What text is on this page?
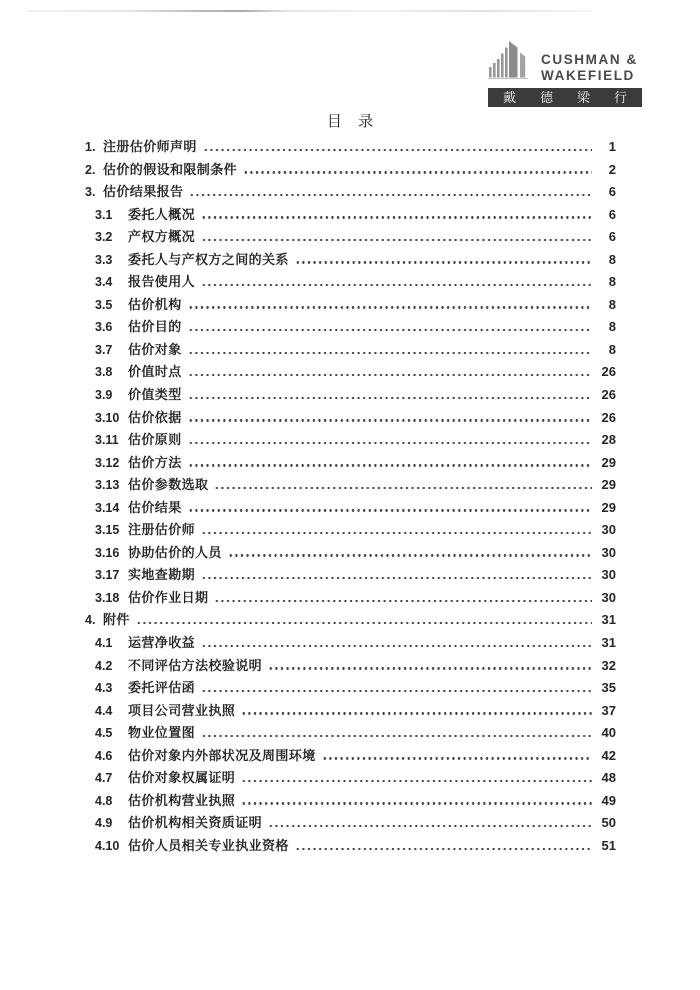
CUSHMAN &
WAKEFIELD
戴德梁行
目 录
1. 注册估价师声明	1
2. 估价的假设和限制条件	2
3. 估价结果报告	6
3.1	委托人概况	6
3.2	产权方概况	6
3.3	委托人与产权方之间的关系	8
3.4	报告使用人	8
3.5	估价机构	8
3.6	估价目的	8
3.7	估价对象	8
3.8	价值时点	26
3.9	价值类型	26
3.10 估价依据	26
3.11 估价原则	28
3.12 估价方法	29
3.13 估价参数选取	29
3.14 估价结果	29
3.15 注册估价师	30
3.16 协助估价的人员	30
3.17 实地查勘期	30
3.18 估价作业日期	30
4. 附件	31
4.1	运营净收益	31
4.2	不同评估方法校验说明	32
4.3	委托评估函	35
4.4	项目公司营业执照	37
4.5	物业位置图	40
4.6	估价对象内外部状况及周围环境	42
4.7	估价对象权属证明	48
4.8	估价机构营业执照	49
4.9	估价机构相关资质证明	50
4.10 估价人员相关专业执业资格	51
